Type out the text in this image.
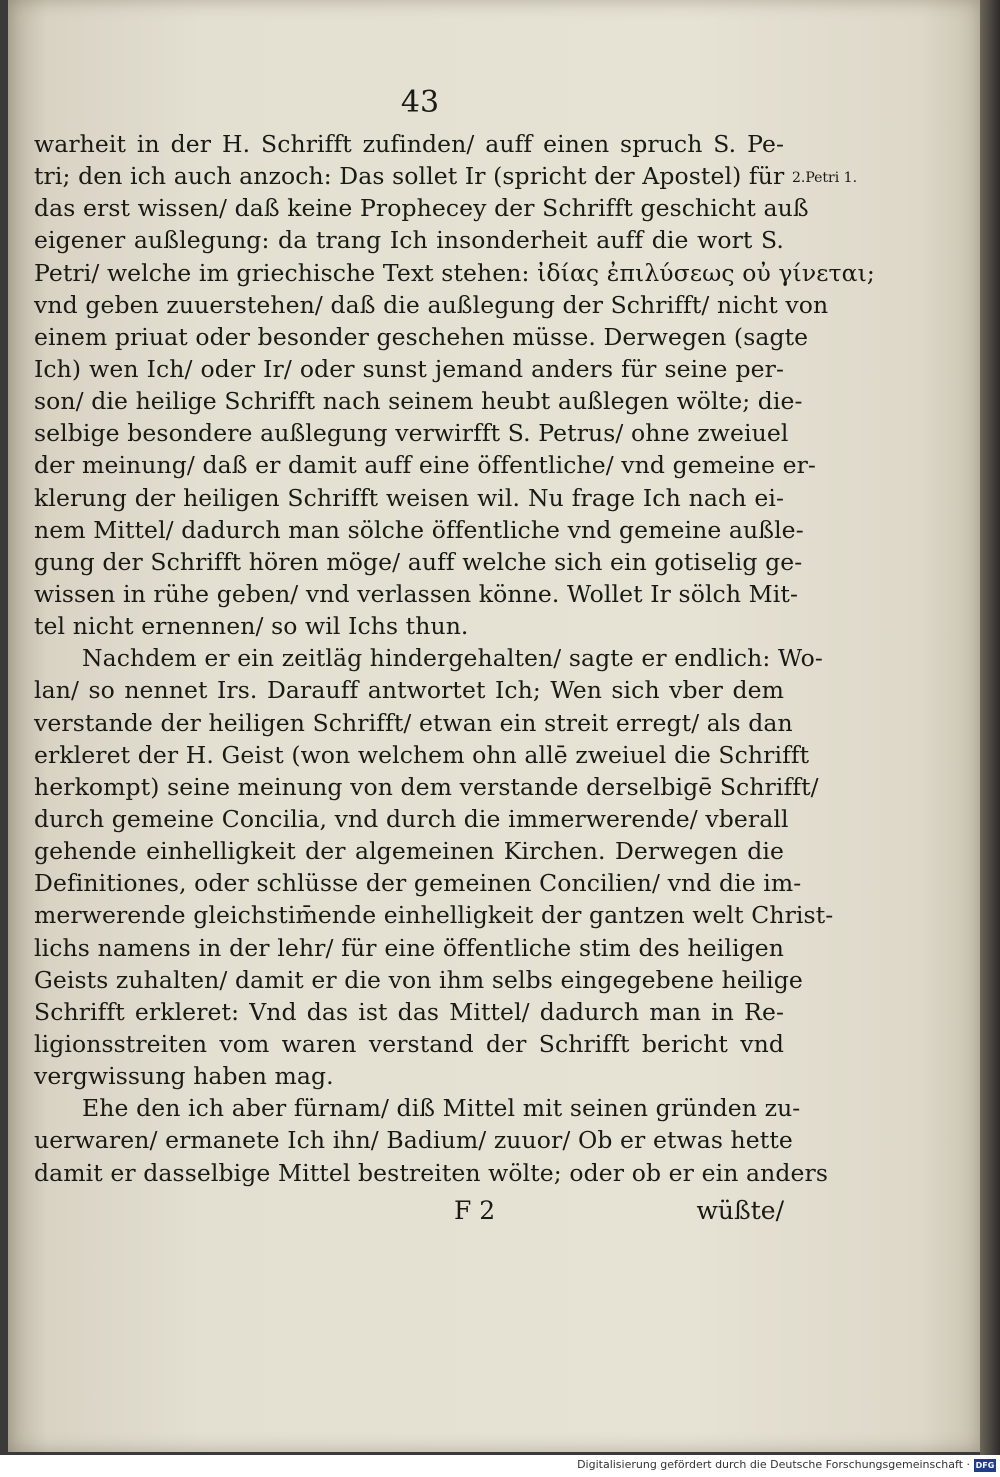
43
2.Petri 1.
warheit in der H. Schrifft zufinden/ auff einen spruch S. Pe-
tri; den ich auch anzoch: Das sollet Ir (spricht der Apostel) für
das erst wissen/ daß keine Prophecey der Schrifft geschicht auß
eigener außlegung: da trang Ich insonderheit auff die wort S.
Petri/ welche im griechische Text stehen: ἰδίας ἐπιλύσεως οὐ γίνεται;
vnd geben zuuerstehen/ daß die außlegung der Schrifft/ nicht von
einem priuat oder besonder geschehen müsse. Derwegen (sagte
Ich) wen Ich/ oder Ir/ oder sunst jemand anders für seine per-
son/ die heilige Schrifft nach seinem heubt außlegen wölte; die-
selbige besondere außlegung verwirfft S. Petrus/ ohne zweiuel
der meinung/ daß er damit auff eine öffentliche/ vnd gemeine er-
klerung der heiligen Schrifft weisen wil. Nu frage Ich nach ei-
nem Mittel/ dadurch man sölche öffentliche vnd gemeine außle-
gung der Schrifft hören möge/ auff welche sich ein gotiselig ge-
wissen in rühe geben/ vnd verlassen könne. Wollet Ir sölch Mit-
tel nicht ernennen/ so wil Ichs thun.
Nachdem er ein zeitläg hindergehalten/ sagte er endlich: Wo-
lan/ so nennet Irs. Darauff antwortet Ich; Wen sich vber dem
verstande der heiligen Schrifft/ etwan ein streit erregt/ als dan
erkleret der H. Geist (won welchem ohn allē zweiuel die Schrifft
herkompt) seine meinung von dem verstande derselbigē Schrifft/
durch gemeine Concilia, vnd durch die immerwerende/ vberall
gehende einhelligkeit der algemeinen Kirchen. Derwegen die
Definitiones, oder schlüsse der gemeinen Concilien/ vnd die im-
merwerende gleichstim̄ende einhelligkeit der gantzen welt Christ-
lichs namens in der lehr/ für eine öffentliche stim des heiligen
Geists zuhalten/ damit er die von ihm selbs eingegebene heilige
Schrifft erkleret: Vnd das ist das Mittel/ dadurch man in Re-
ligionsstreiten vom waren verstand der Schrifft bericht vnd
vergwissung haben mag.
Ehe den ich aber fürnam/ diß Mittel mit seinen gründen zu-
uerwaren/ ermanete Ich ihn/ Badium/ zuuor/ Ob er etwas hette
damit er dasselbige Mittel bestreiten wölte; oder ob er ein anders
F 2	wüßte/
Digitalisierung gefördert durch die Deutsche Forschungsgemeinschaft · DFG
